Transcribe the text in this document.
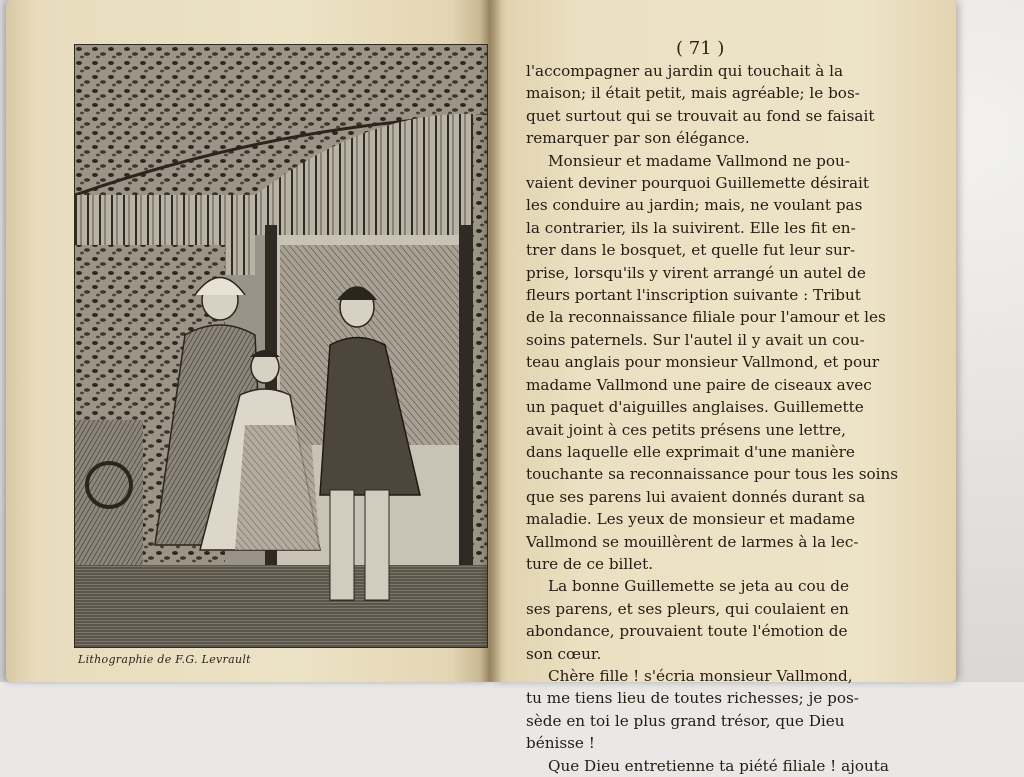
Lithographie de F.G. Levrault
( 71 )
l'accompagner au jardin qui touchait à la
maison; il était petit, mais agréable; le bos-
quet surtout qui se trouvait au fond se faisait
remarquer par son élégance.
Monsieur et madame Vallmond ne pou-
vaient deviner pourquoi Guillemette désirait
les conduire au jardin; mais, ne voulant pas
la contrarier, ils la suivirent. Elle les fit en-
trer dans le bosquet, et quelle fut leur sur-
prise, lorsqu'ils y virent arrangé un autel de
fleurs portant l'inscription suivante : Tribut
de la reconnaissance filiale pour l'amour et les
soins paternels. Sur l'autel il y avait un cou-
teau anglais pour monsieur Vallmond, et pour
madame Vallmond une paire de ciseaux avec
un paquet d'aiguilles anglaises. Guillemette
avait joint à ces petits présens une lettre,
dans laquelle elle exprimait d'une manière
touchante sa reconnaissance pour tous les soins
que ses parens lui avaient donnés durant sa
maladie. Les yeux de monsieur et madame
Vallmond se mouillèrent de larmes à la lec-
ture de ce billet.
La bonne Guillemette se jeta au cou de
ses parens, et ses pleurs, qui coulaient en
abondance, prouvaient toute l'émotion de
son cœur.
Chère fille ! s'écria monsieur Vallmond,
tu me tiens lieu de toutes richesses; je pos-
sède en toi le plus grand trésor, que Dieu
bénisse !
Que Dieu entretienne ta piété filiale ! ajouta
